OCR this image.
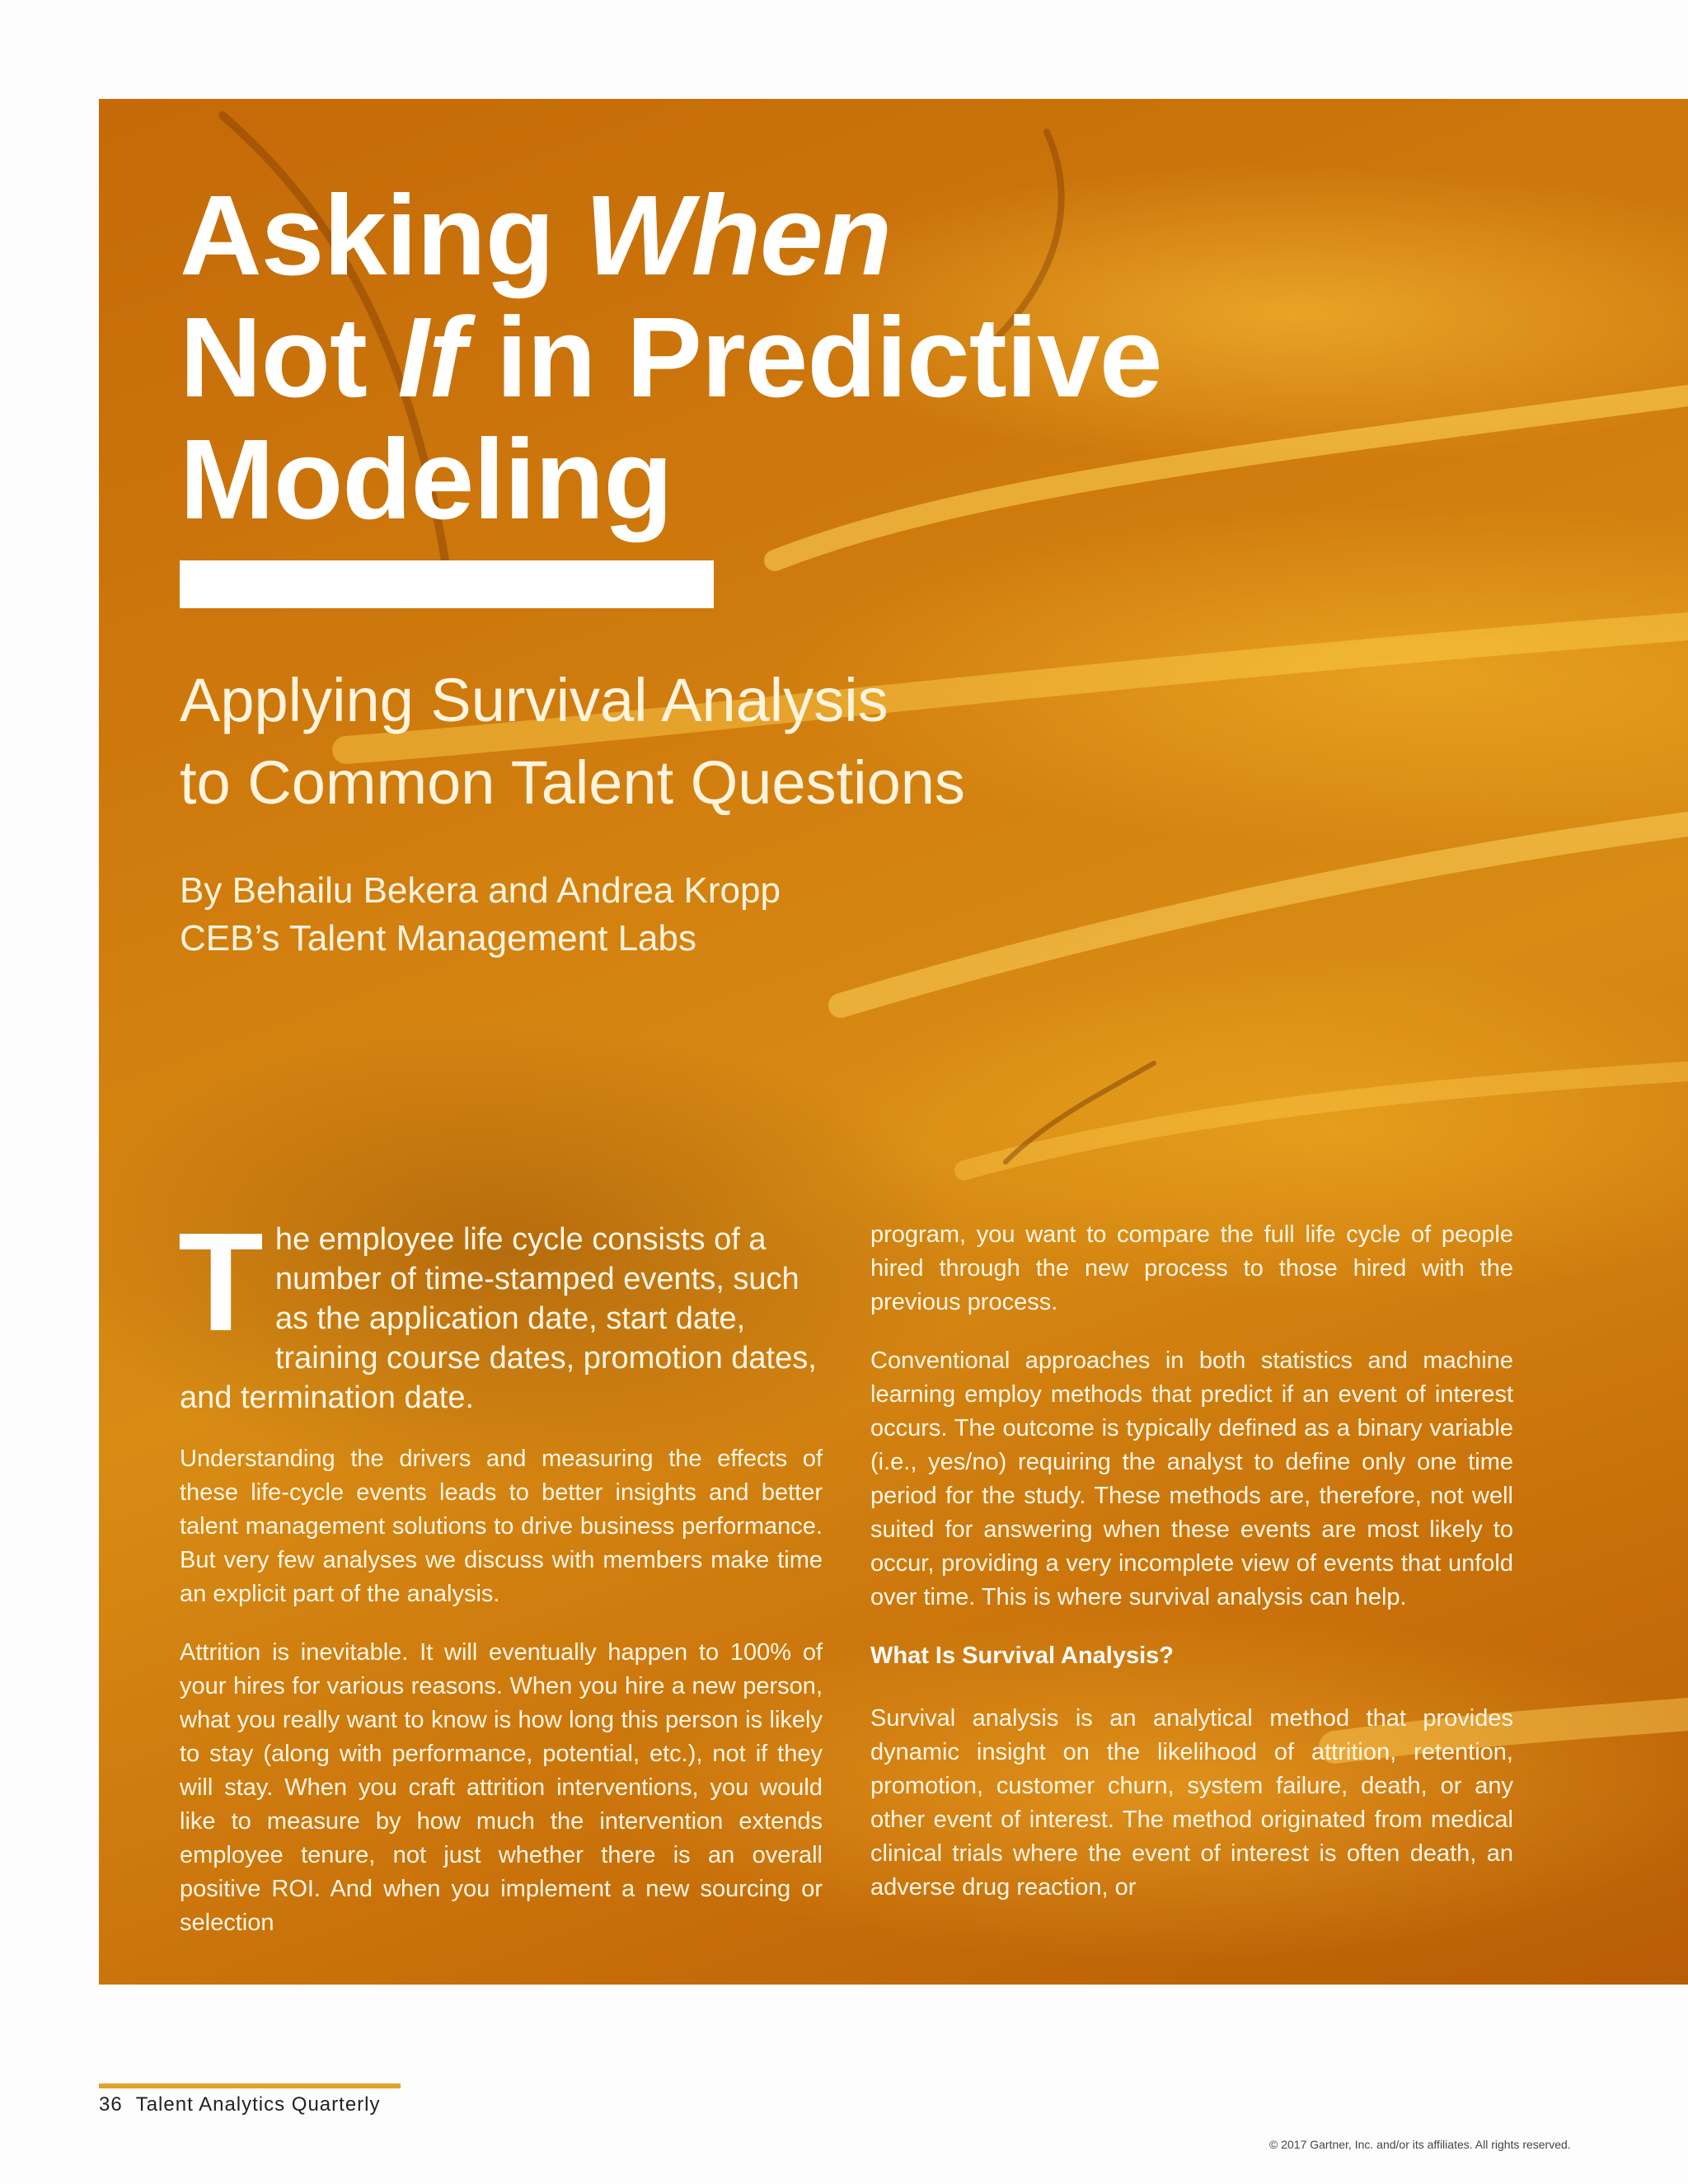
Asking When
Not If in Predictive
Modeling
Applying Survival Analysis
to Common Talent Questions
By Behailu Bekera and Andrea Kropp
CEB’s Talent Management Labs

The employee life cycle consists of a number of time-stamped events, such as the application date, start date, training course dates, promotion dates, and termination date.

Understanding the drivers and measuring the effects of these life-cycle events leads to better insights and better talent management solutions to drive business performance. But very few analyses we discuss with members make time an explicit part of the analysis.

Attrition is inevitable. It will eventually happen to 100% of your hires for various reasons. When you hire a new person, what you really want to know is how long this person is likely to stay (along with performance, potential, etc.), not if they will stay. When you craft attrition interventions, you would like to measure by how much the intervention extends employee tenure, not just whether there is an overall positive ROI. And when you implement a new sourcing or selection

program, you want to compare the full life cycle of people hired through the new process to those hired with the previous process.

Conventional approaches in both statistics and machine learning employ methods that predict if an event of interest occurs. The outcome is typically defined as a binary variable (i.e., yes/no) requiring the analyst to define only one time period for the study. These methods are, therefore, not well suited for answering when these events are most likely to occur, providing a very incomplete view of events that unfold over time. This is where survival analysis can help.

What Is Survival Analysis?

Survival analysis is an analytical method that provides dynamic insight on the likelihood of attrition, retention, promotion, customer churn, system failure, death, or any other event of interest. The method originated from medical clinical trials where the event of interest is often death, an adverse drug reaction, or

36 Talent Analytics Quarterly
© 2017 Gartner, Inc. and/or its affiliates. All rights reserved.
